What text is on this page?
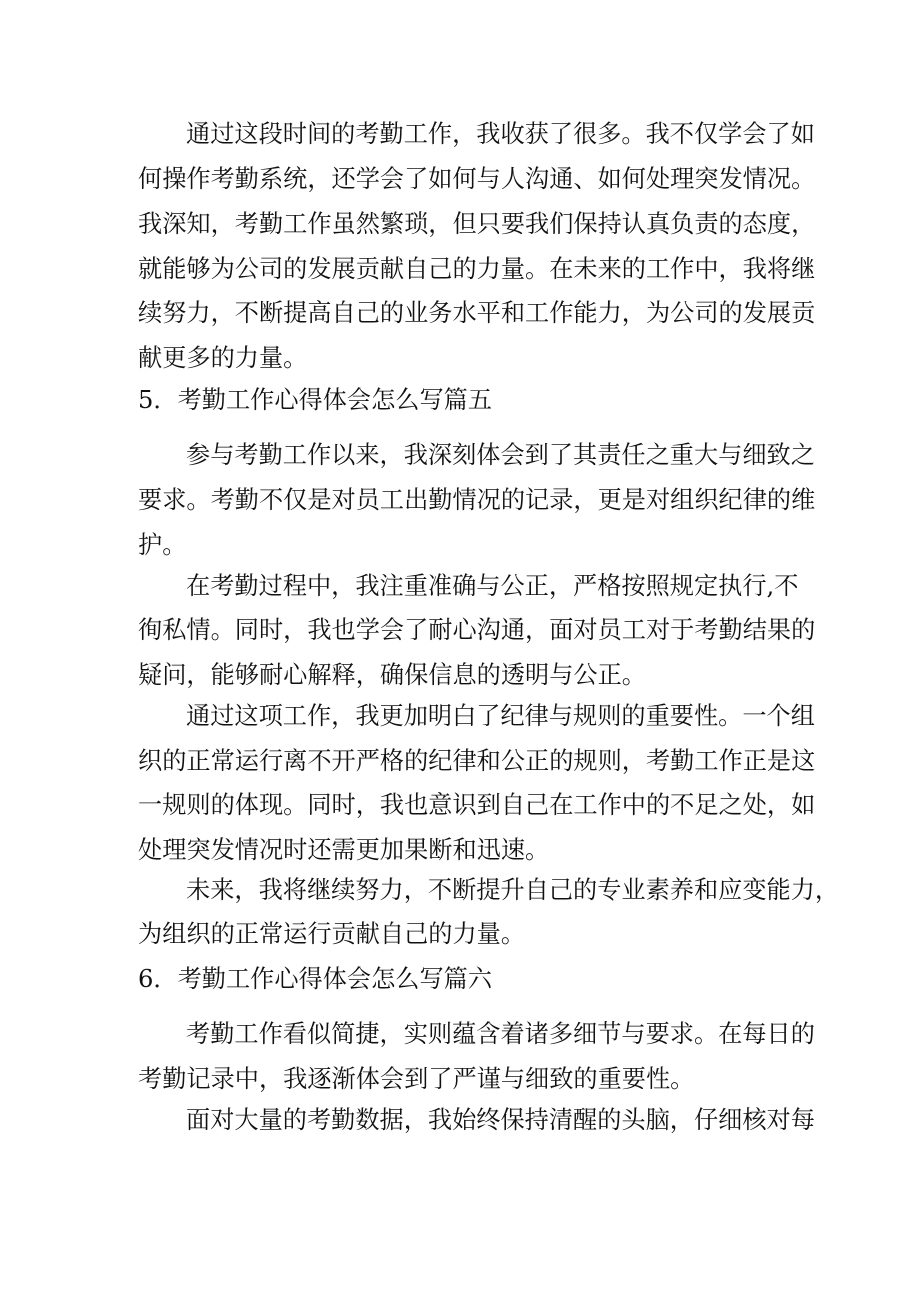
通过这段时间的考勤工作，我收获了很多。我不仅学会了如
何操作考勤系统，还学会了如何与人沟通、如何处理突发情况。
我深知，考勤工作虽然繁琐，但只要我们保持认真负责的态度，
就能够为公司的发展贡献自己的力量。在未来的工作中，我将继
续努力，不断提高自己的业务水平和工作能力，为公司的发展贡
献更多的力量。
5．考勤工作心得体会怎么写篇五
参与考勤工作以来，我深刻体会到了其责任之重大与细致之
要求。考勤不仅是对员工出勤情况的记录，更是对组织纪律的维
护。
在考勤过程中，我注重准确与公正，严格按照规定执行,不
徇私情。同时，我也学会了耐心沟通，面对员工对于考勤结果的
疑问，能够耐心解释，确保信息的透明与公正。
通过这项工作，我更加明白了纪律与规则的重要性。一个组
织的正常运行离不开严格的纪律和公正的规则，考勤工作正是这
一规则的体现。同时，我也意识到自己在工作中的不足之处，如
处理突发情况时还需更加果断和迅速。
未来，我将继续努力，不断提升自己的专业素养和应变能力，
为组织的正常运行贡献自己的力量。
6．考勤工作心得体会怎么写篇六
考勤工作看似简捷，实则蕴含着诸多细节与要求。在每日的
考勤记录中，我逐渐体会到了严谨与细致的重要性。
面对大量的考勤数据，我始终保持清醒的头脑，仔细核对每
